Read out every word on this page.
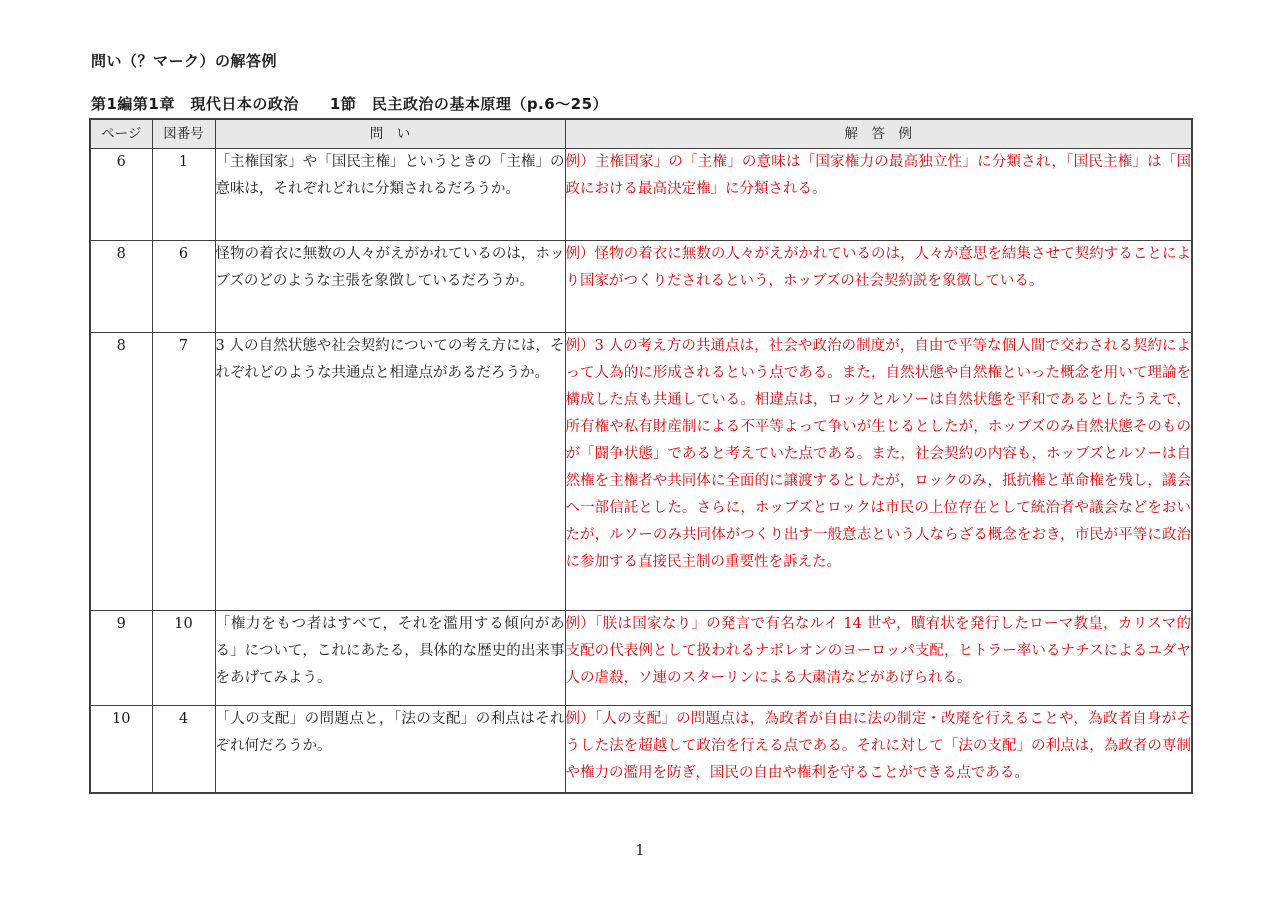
問い（？マーク）の解答例
第1編第1章　現代日本の政治　　1節　民主政治の基本原理（p.6～25）
ページ	図番号	問　い	解　答　例
6	1	「主権国家」や「国民主権」というときの「主権」の意味は，それぞれどれに分類されるだろうか。	例）主権国家」の「主権」の意味は「国家権力の最高独立性」に分類され，「国民主権」は「国政における最高決定権」に分類される。
8	6	怪物の着衣に無数の人々がえがかれているのは，ホッブズのどのような主張を象徴しているだろうか。	例）怪物の着衣に無数の人々がえがかれているのは，人々が意思を結集させて契約することにより国家がつくりだされるという，ホッブズの社会契約説を象徴している。
8	7	3 人の自然状態や社会契約についての考え方には，それぞれどのような共通点と相違点があるだろうか。	例）3 人の考え方の共通点は，社会や政治の制度が，自由で平等な個人間で交わされる契約によって人為的に形成されるという点である。また，自然状態や自然権といった概念を用いて理論を構成した点も共通している。相違点は，ロックとルソーは自然状態を平和であるとしたうえで，所有権や私有財産制による不平等よって争いが生じるとしたが，ホッブズのみ自然状態そのものが「闘争状態」であると考えていた点である。また，社会契約の内容も，ホッブズとルソーは自然権を主権者や共同体に全面的に譲渡するとしたが，ロックのみ，抵抗権と革命権を残し，議会へ一部信託とした。さらに，ホッブズとロックは市民の上位存在として統治者や議会などをおいたが，ルソーのみ共同体がつくり出す一般意志という人ならざる概念をおき，市民が平等に政治に参加する直接民主制の重要性を訴えた。
9	10	「権力をもつ者はすべて，それを濫用する傾向がある」について，これにあたる，具体的な歴史的出来事をあげてみよう。	例）「朕は国家なり」の発言で有名なルイ 14 世や，贖宥状を発行したローマ教皇，カリスマ的支配の代表例として扱われるナポレオンのヨーロッパ支配，ヒトラー率いるナチスによるユダヤ人の虐殺，ソ連のスターリンによる大粛清などがあげられる。
10	4	「人の支配」の問題点と，「法の支配」の利点はそれぞれ何だろうか。	例）「人の支配」の問題点は，為政者が自由に法の制定・改廃を行えることや，為政者自身がそうした法を超越して政治を行える点である。それに対して「法の支配」の利点は，為政者の専制や権力の濫用を防ぎ，国民の自由や権利を守ることができる点である。
1
